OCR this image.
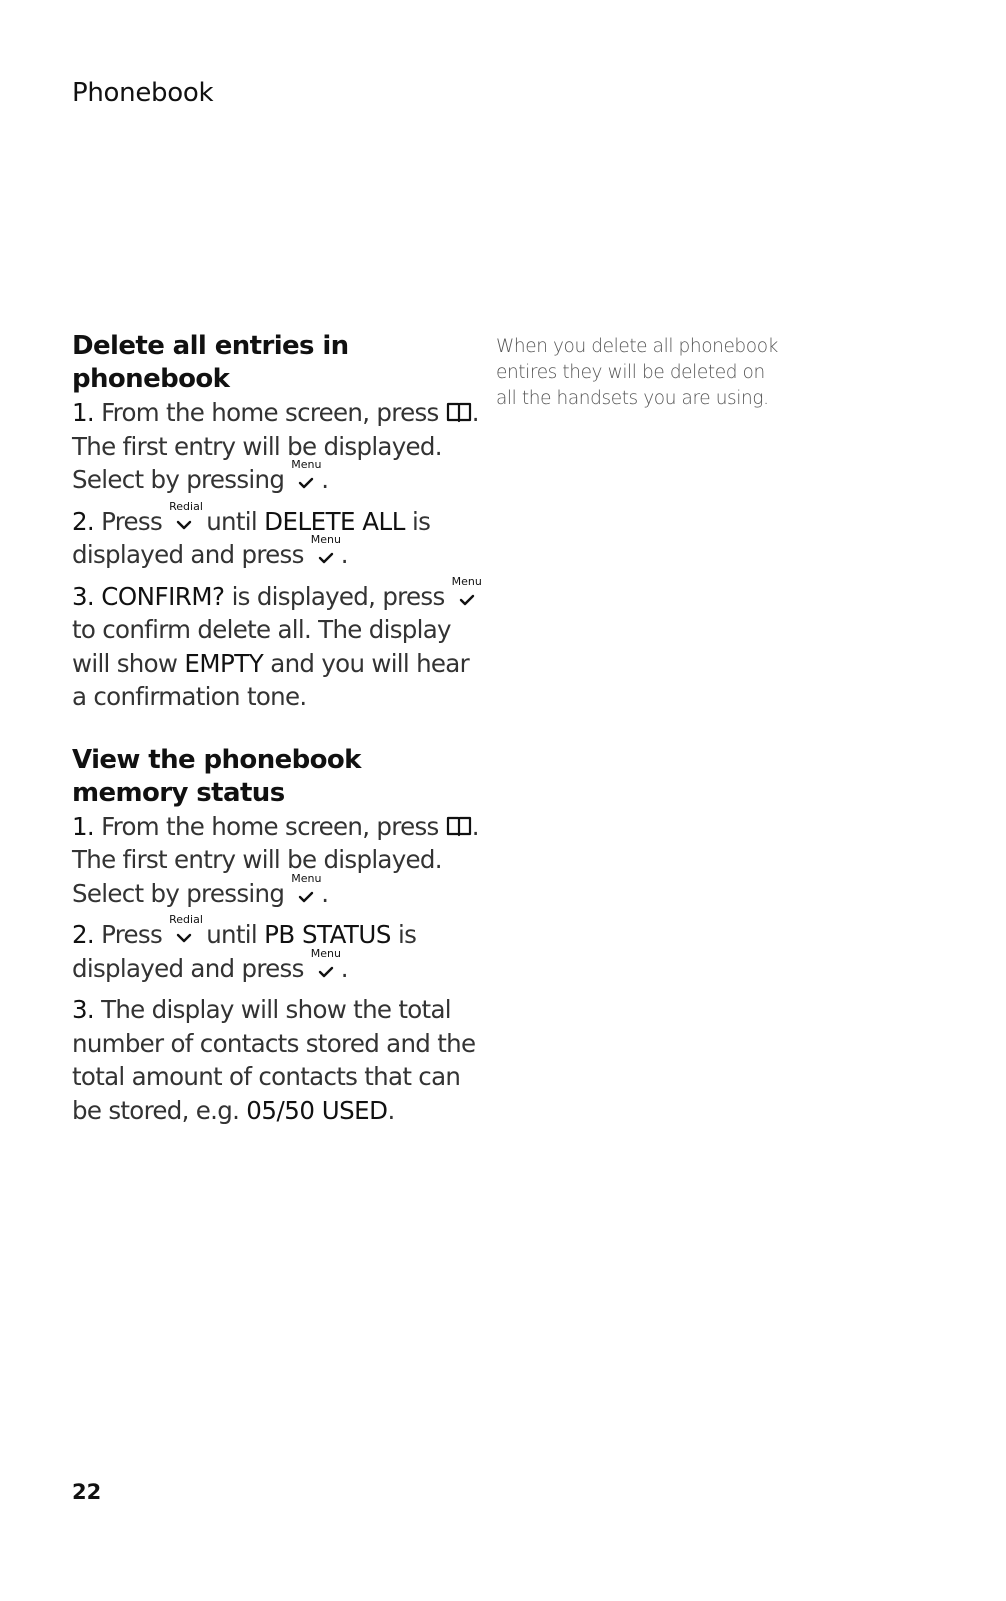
Phonebook
Delete all entries in phonebook

1. From the home screen, press . The first entry will be displayed. Select by pressing
Menu
.

2. Press
Redial
until DELETE ALL is displayed and press
Menu
.

3. CONFIRM? is displayed, press
Menu
to confirm delete all. The display will show EMPTY and you will hear a confirmation tone.

View the phonebook
memory status

1. From the home screen, press . The first entry will be displayed. Select by pressing
Menu
.

2. Press
Redial
until PB STATUS is displayed and press
Menu
.

3. The display will show the total number of contacts stored and the total amount of contacts that can be stored, e.g. 05/50 USED.

When you delete all phonebook entires they will be deleted on all the handsets you are using.
22
